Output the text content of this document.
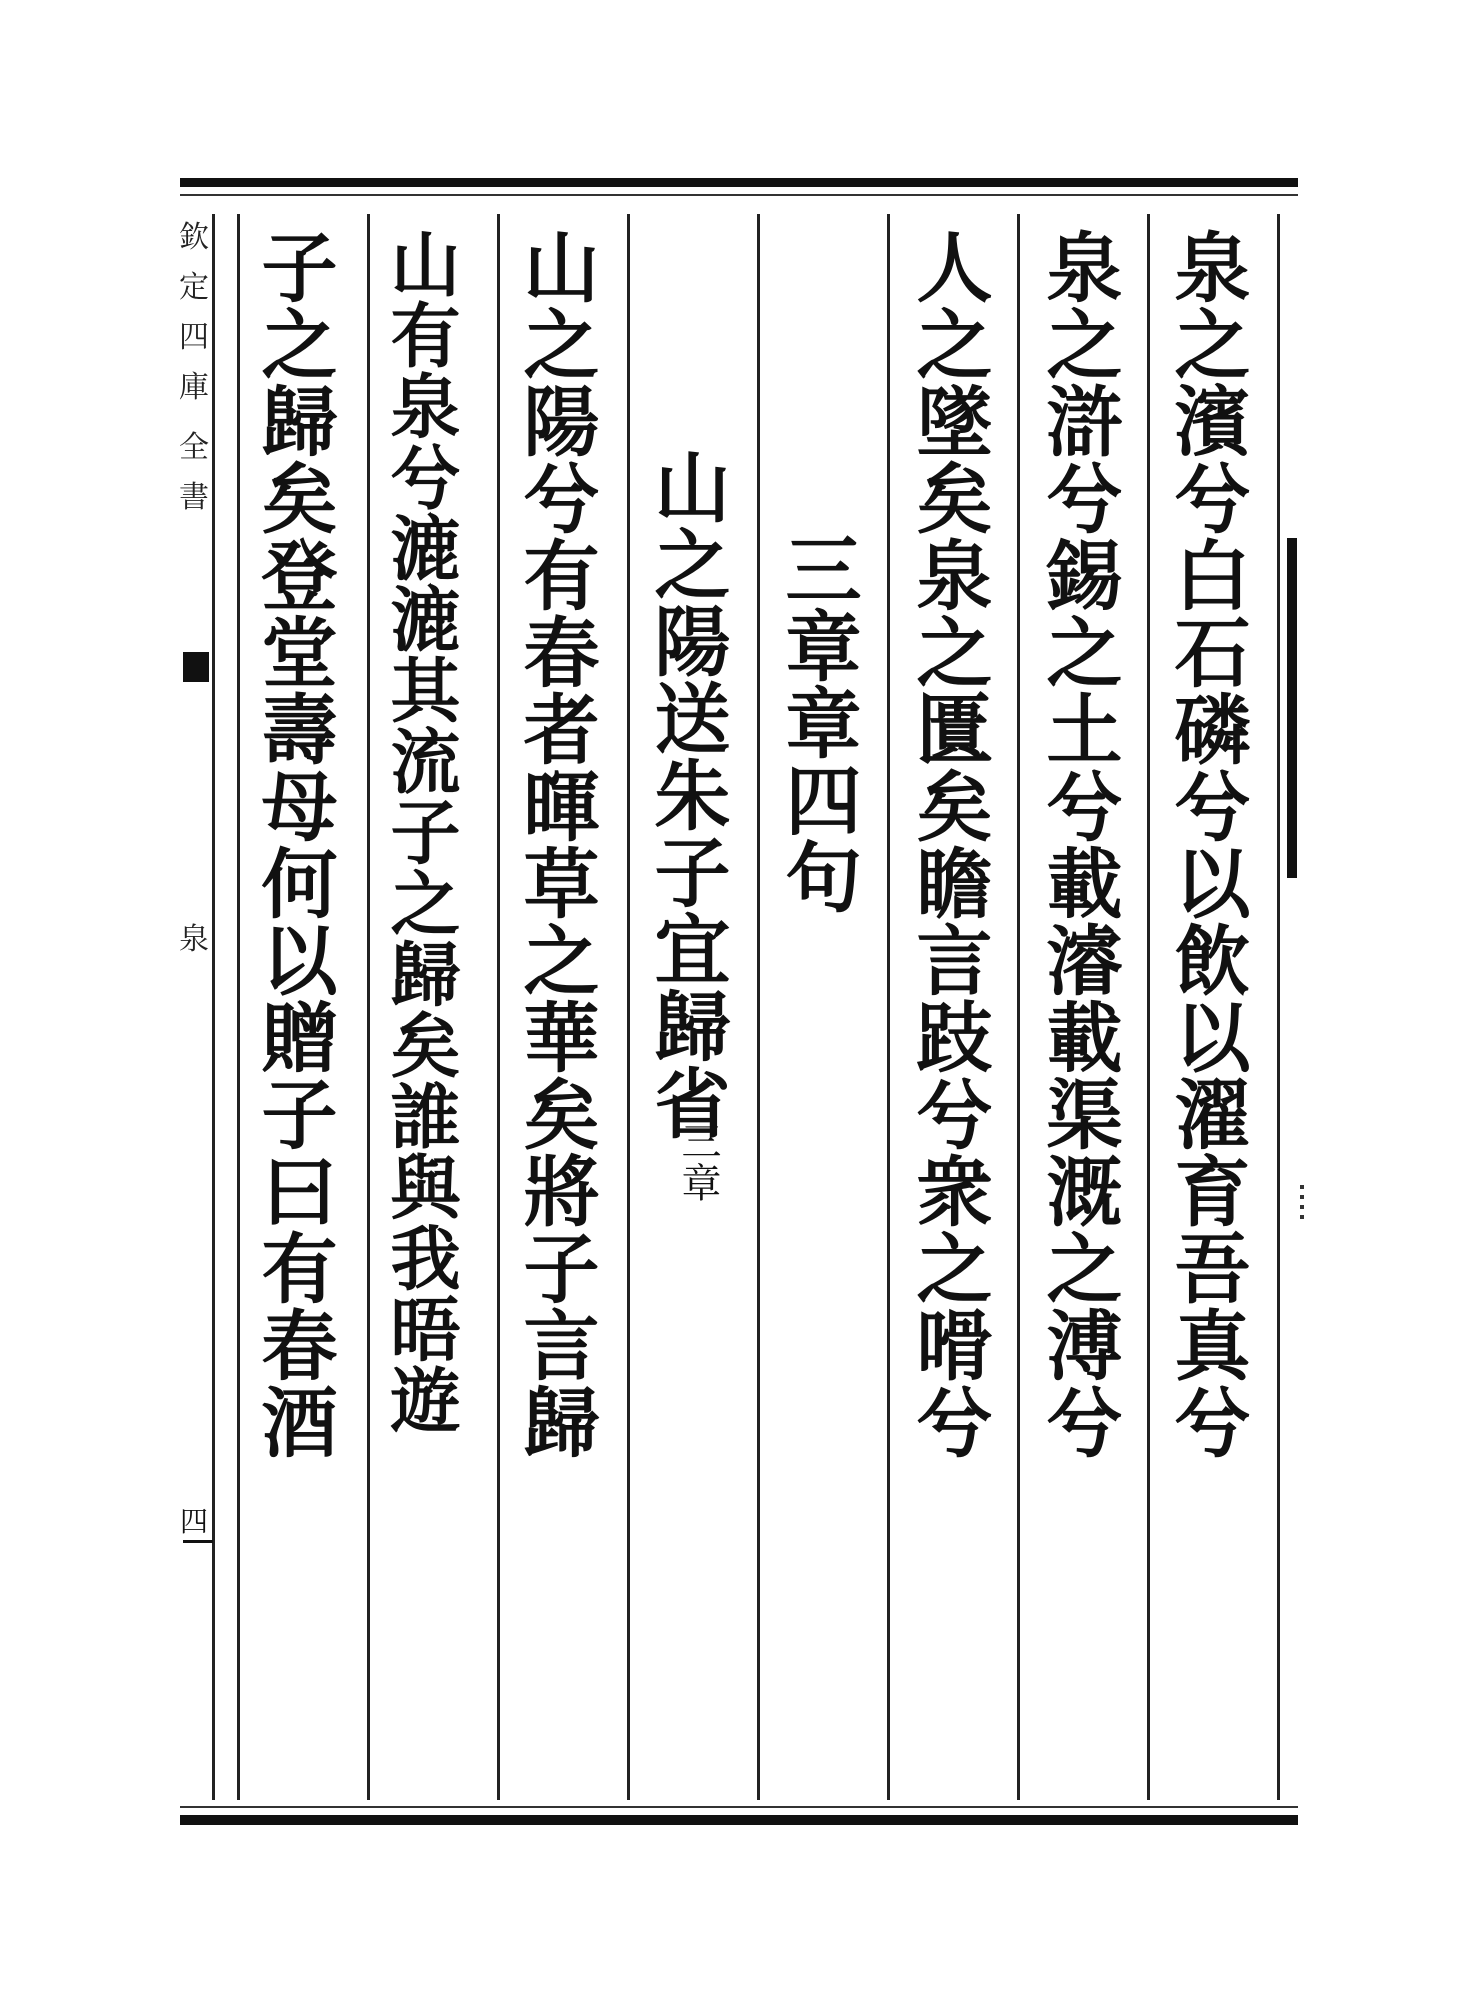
欽
定
四
庫
全
書
泉
四
泉之濱兮白石磷兮以飲以濯育吾真兮
泉之滸兮錫之土兮載濬載渠溉之溥兮
人之墜矣泉之匱矣瞻言跂兮衆之嗗兮
三章章四句
山之陽送朱子宜歸省
三章
山之陽兮有春者暉草之華矣將子言歸
山有泉兮漉漉其流子之歸矣誰與我晤遊
子之歸矣登堂壽母何以贈子曰有春酒
